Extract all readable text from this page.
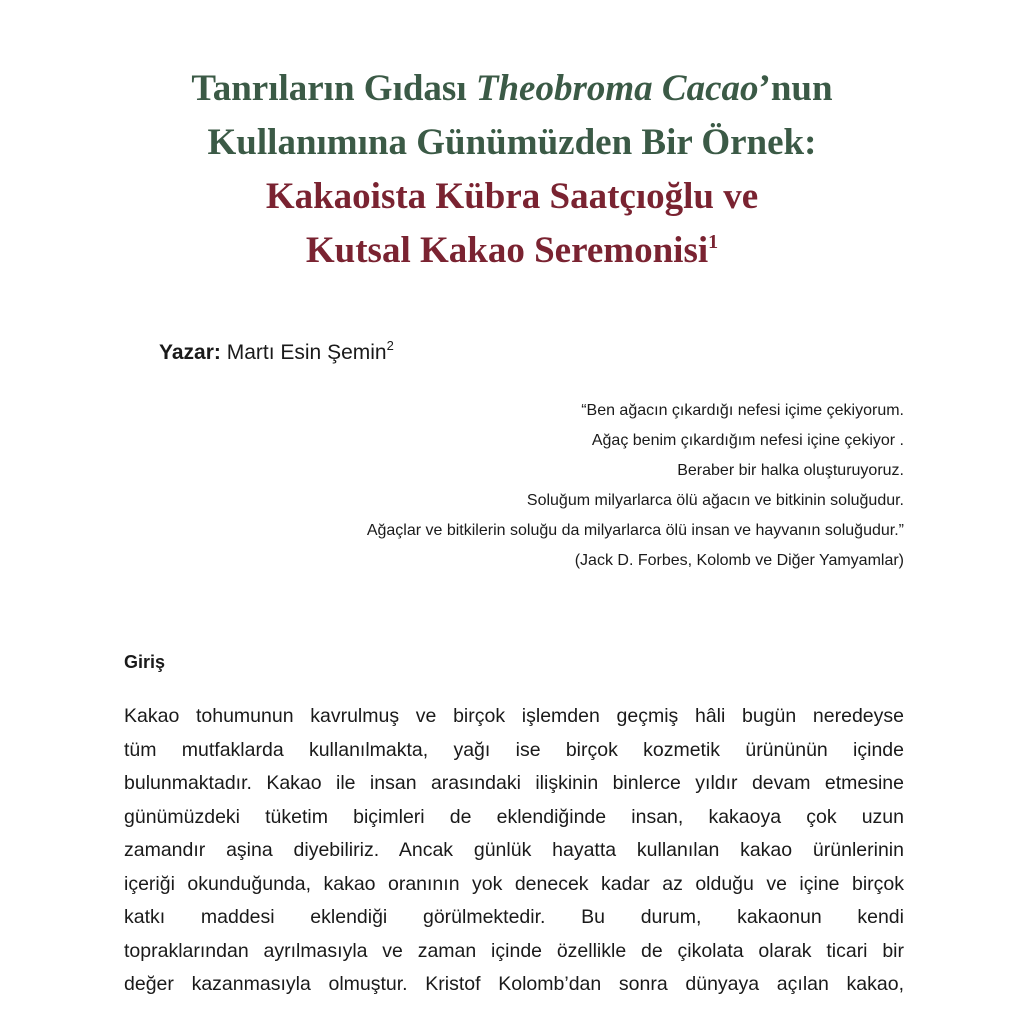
Tanrıların Gıdası Theobroma Cacao’nun
Kullanımına Günümüzden Bir Örnek:
Kakaoista Kübra Saatçıoğlu ve
Kutsal Kakao Seremonisi$^1$
Yazar: Martı Esin Şemin$^2$
“Ben ağacın çıkardığı nefesi içime çekiyorum.
Ağaç benim çıkardığım nefesi içine çekiyor .
Beraber bir halka oluşturuyoruz.
Soluğum milyarlarca ölü ağacın ve bitkinin soluğudur.
Ağaçlar ve bitkilerin soluğu da milyarlarca ölü insan ve hayvanın soluğudur.”
(Jack D. Forbes, Kolomb ve Diğer Yamyamlar)
Giriş
Kakao tohumunun kavrulmuş ve birçok işlemden geçmiş hâli bugün neredeyse
tüm mutfaklarda kullanılmakta, yağı ise birçok kozmetik ürününün içinde
bulunmaktadır. Kakao ile insan arasındaki ilişkinin binlerce yıldır devam etmesine
günümüzdeki tüketim biçimleri de eklendiğinde insan, kakaoya çok uzun
zamandır aşina diyebiliriz. Ancak günlük hayatta kullanılan kakao ürünlerinin
içeriği okunduğunda, kakao oranının yok denecek kadar az olduğu ve içine birçok
katkı maddesi eklendiği görülmektedir. Bu durum, kakaonun kendi
topraklarından ayrılmasıyla ve zaman içinde özellikle de çikolata olarak ticari bir
değer kazanmasıyla olmuştur. Kristof Kolomb’dan sonra dünyaya açılan kakao,
